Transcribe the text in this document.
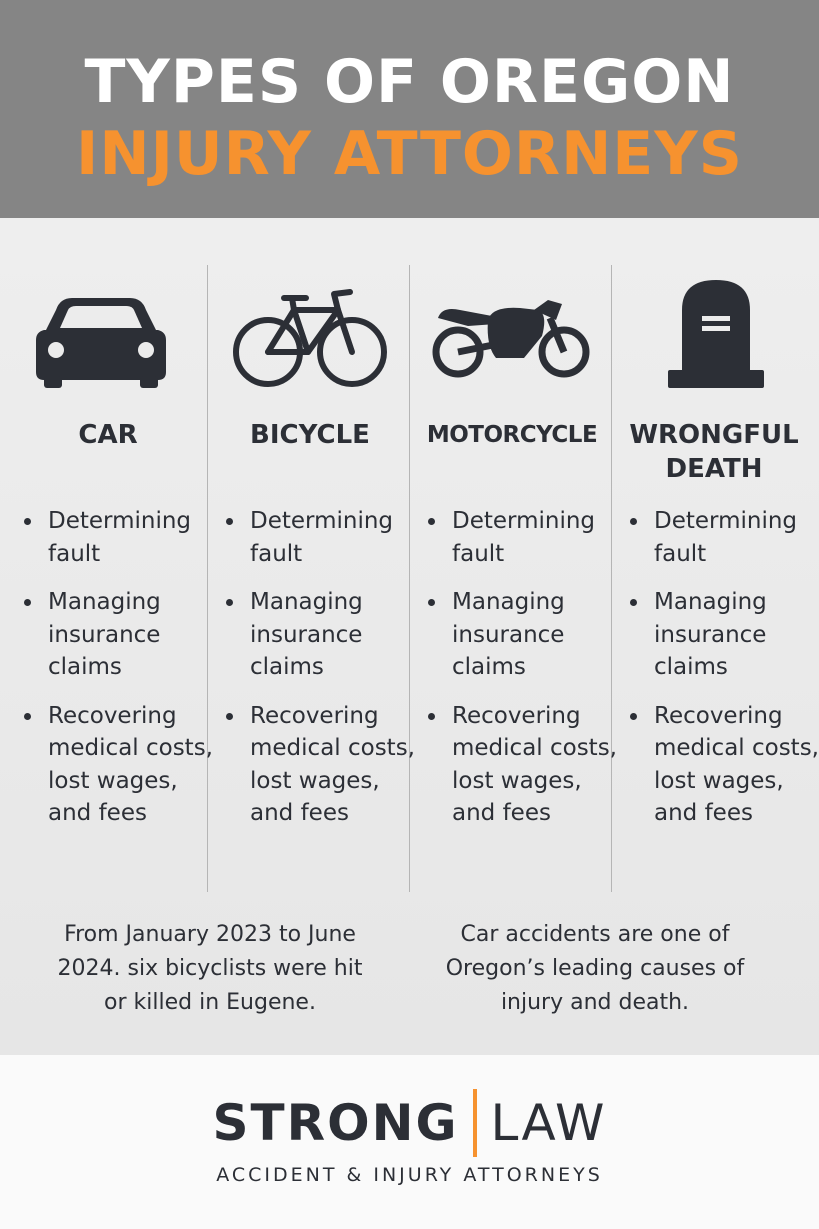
TYPES OF OREGON
INJURY ATTORNEYS
CAR
Determining fault
Managing insurance claims
Recovering medical costs, lost wages, and fees
BICYCLE
Determining fault
Managing insurance claims
Recovering medical costs, lost wages, and fees
MOTORCYCLE
Determining fault
Managing insurance claims
Recovering medical costs, lost wages, and fees
WRONGFUL DEATH
Determining fault
Managing insurance claims
Recovering medical costs, lost wages, and fees
From January 2023 to June 2024. six bicyclists were hit or killed in Eugene.
Car accidents are one of Oregon’s leading causes of injury and death.
STRONG LAW
ACCIDENT & INJURY ATTORNEYS
